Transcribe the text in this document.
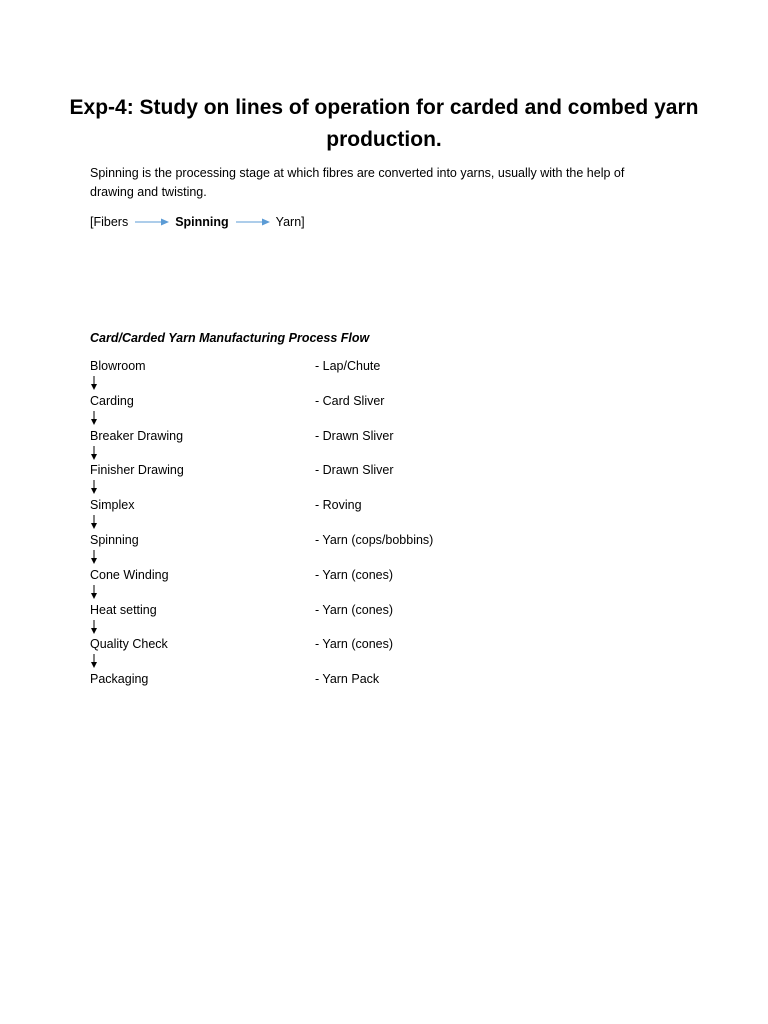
Exp-4: Study on lines of operation for carded and combed yarn production.

Spinning is the processing stage at which fibres are converted into yarns, usually with the help of drawing and twisting.

[Fibers	Spinning	Yarn]
Card/Carded Yarn Manufacturing Process Flow
Blowroom	- Lap/Chute
Carding	- Card Sliver
Breaker Drawing	- Drawn Sliver
Finisher Drawing	- Drawn Sliver
Simplex	- Roving
Spinning	- Yarn (cops/bobbins)
Cone Winding	- Yarn (cones)
Heat setting	- Yarn (cones)
Quality Check	- Yarn (cones)
Packaging	- Yarn Pack
